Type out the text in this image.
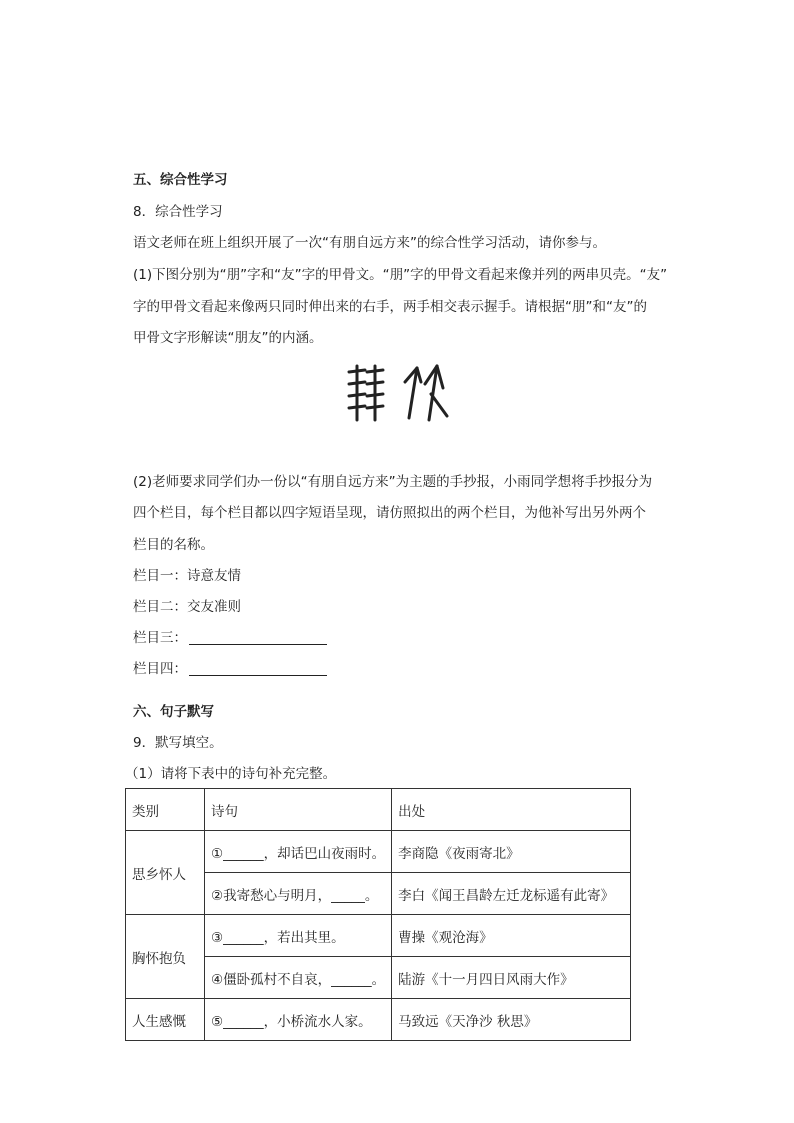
五、综合性学习
8．综合性学习
语文老师在班上组织开展了一次“有朋自远方来”的综合性学习活动，请你参与。
(1)下图分别为“朋”字和“友”字的甲骨文。“朋”字的甲骨文看起来像并列的两串贝壳。“友”
字的甲骨文看起来像两只同时伸出来的右手，两手相交表示握手。请根据“朋”和“友”的
甲骨文字形解读“朋友”的内涵。
(2)老师要求同学们办一份以“有朋自远方来”为主题的手抄报，小雨同学想将手抄报分为
四个栏目，每个栏目都以四字短语呈现，请仿照拟出的两个栏目，为他补写出另外两个
栏目的名称。
栏目一：诗意友情
栏目二：交友准则
栏目三：
栏目四：
六、句子默写
9．默写填空。
（1）请将下表中的诗句补充完整。
类别	诗句	出处
思乡怀人	①______，却话巴山夜雨时。	李商隐《夜雨寄北》
	②我寄愁心与明月，_____。	李白《闻王昌龄左迁龙标遥有此寄》
胸怀抱负	③______，若出其里。	曹操《观沧海》
	④僵卧孤村不自哀，______。	陆游《十一月四日风雨大作》
人生感慨	⑤______，小桥流水人家。	马致远《天净沙 秋思》
